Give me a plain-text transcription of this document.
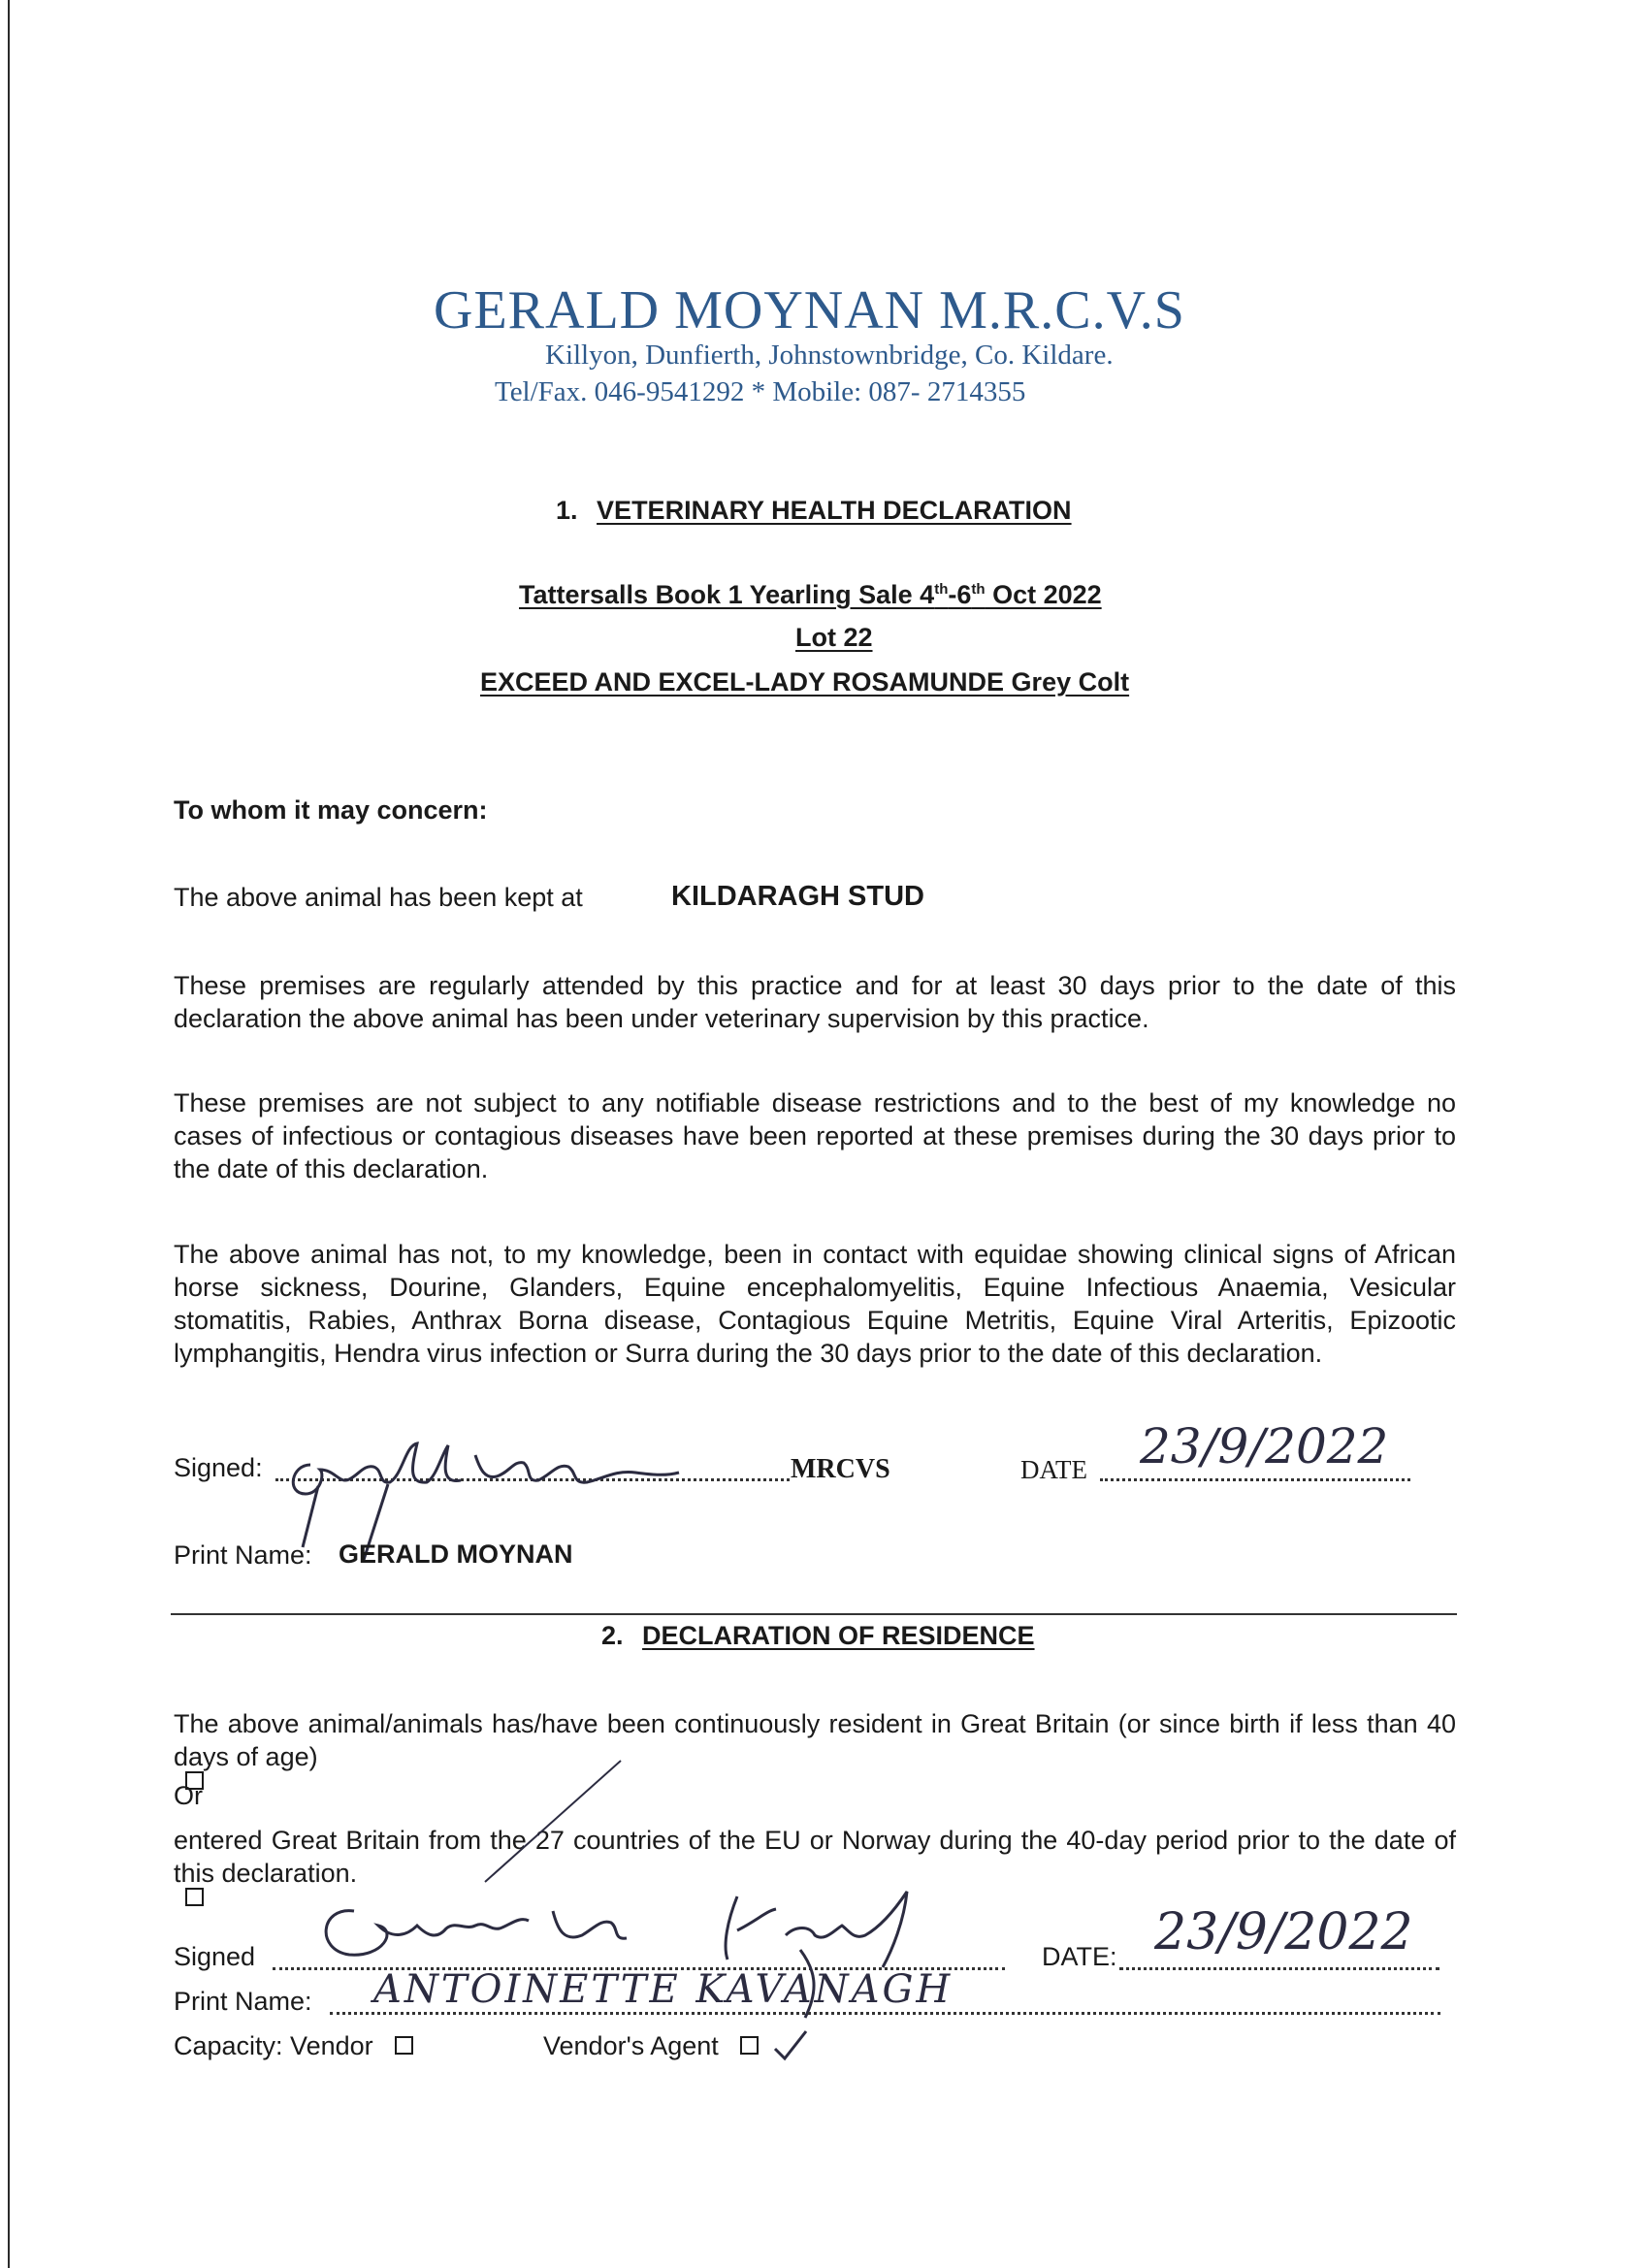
GERALD MOYNAN M.R.C.V.S
Killyon, Dunfierth, Johnstownbridge, Co. Kildare.
Tel/Fax. 046-9541292 * Mobile: 087- 2714355
1. VETERINARY HEALTH DECLARATION
Tattersalls Book 1 Yearling Sale 4th-6th Oct 2022
Lot 22
EXCEED AND EXCEL-LADY ROSAMUNDE Grey Colt
To whom it may concern:
The above animal has been kept at	KILDARAGH STUD
These premises are regularly attended by this practice and for at least 30 days prior to the date of this declaration the above animal has been under veterinary supervision by this practice.
These premises are not subject to any notifiable disease restrictions and to the best of my knowledge no cases of infectious or contagious diseases have been reported at these premises during the 30 days prior to the date of this declaration.
The above animal has not, to my knowledge, been in contact with equidae showing clinical signs of African horse sickness, Dourine, Glanders, Equine encephalomyelitis, Equine Infectious Anaemia, Vesicular stomatitis, Rabies, Anthrax Borna disease, Contagious Equine Metritis, Equine Viral Arteritis, Epizootic lymphangitis, Hendra virus infection or Surra during the 30 days prior to the date of this declaration.
Signed:	MRCVS	DATE 23/9/2022
Print Name: GERALD MOYNAN
2. DECLARATION OF RESIDENCE
The above animal/animals has/have been continuously resident in Great Britain (or since birth if less than 40 days of age)
Or
entered Great Britain from the 27 countries of the EU or Norway during the 40-day period prior to the date of this declaration.
Signed	DATE: 23/9/2022
Print Name: ANTOINETTE KAVANAGH
Capacity: Vendor	Vendor's Agent
